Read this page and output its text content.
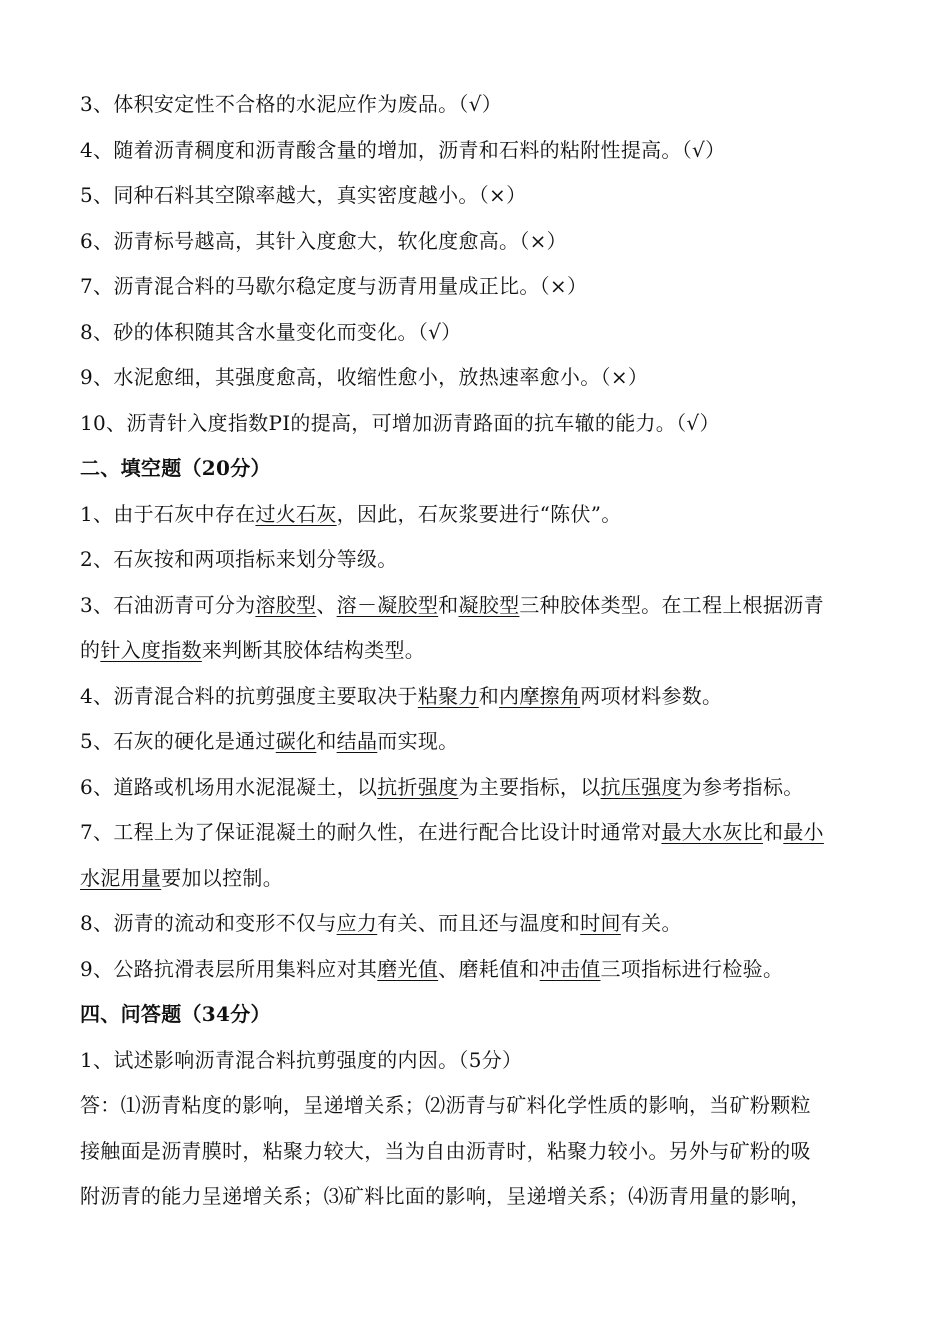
3、体积安定性不合格的水泥应作为废品。（√）
4、随着沥青稠度和沥青酸含量的增加，沥青和石料的粘附性提高。（√）
5、同种石料其空隙率越大，真实密度越小。（×）
6、沥青标号越高，其针入度愈大，软化度愈高。（×）
7、沥青混合料的马歇尔稳定度与沥青用量成正比。（×）
8、砂的体积随其含水量变化而变化。（√）
9、水泥愈细，其强度愈高，收缩性愈小，放热速率愈小。（×）
10、沥青针入度指数PI的提高，可增加沥青路面的抗车辙的能力。（√）
二、填空题（20分）
1、由于石灰中存在过火石灰，因此，石灰浆要进行“陈伏”。
2、石灰按和两项指标来划分等级。
3、石油沥青可分为溶胶型、溶－凝胶型和凝胶型三种胶体类型。在工程上根据沥青
的针入度指数来判断其胶体结构类型。
4、沥青混合料的抗剪强度主要取决于粘聚力和内摩擦角两项材料参数。
5、石灰的硬化是通过碳化和结晶而实现。
6、道路或机场用水泥混凝土，以抗折强度为主要指标，以抗压强度为参考指标。
7、工程上为了保证混凝土的耐久性，在进行配合比设计时通常对最大水灰比和最小
水泥用量要加以控制。
8、沥青的流动和变形不仅与应力有关、而且还与温度和时间有关。
9、公路抗滑表层所用集料应对其磨光值、磨耗值和冲击值三项指标进行检验。
四、问答题（34分）
1、试述影响沥青混合料抗剪强度的内因。（5分）
答：⑴沥青粘度的影响，呈递增关系；⑵沥青与矿料化学性质的影响，当矿粉颗粒
接触面是沥青膜时，粘聚力较大，当为自由沥青时，粘聚力较小。另外与矿粉的吸
附沥青的能力呈递增关系；⑶矿料比面的影响，呈递增关系；⑷沥青用量的影响，
